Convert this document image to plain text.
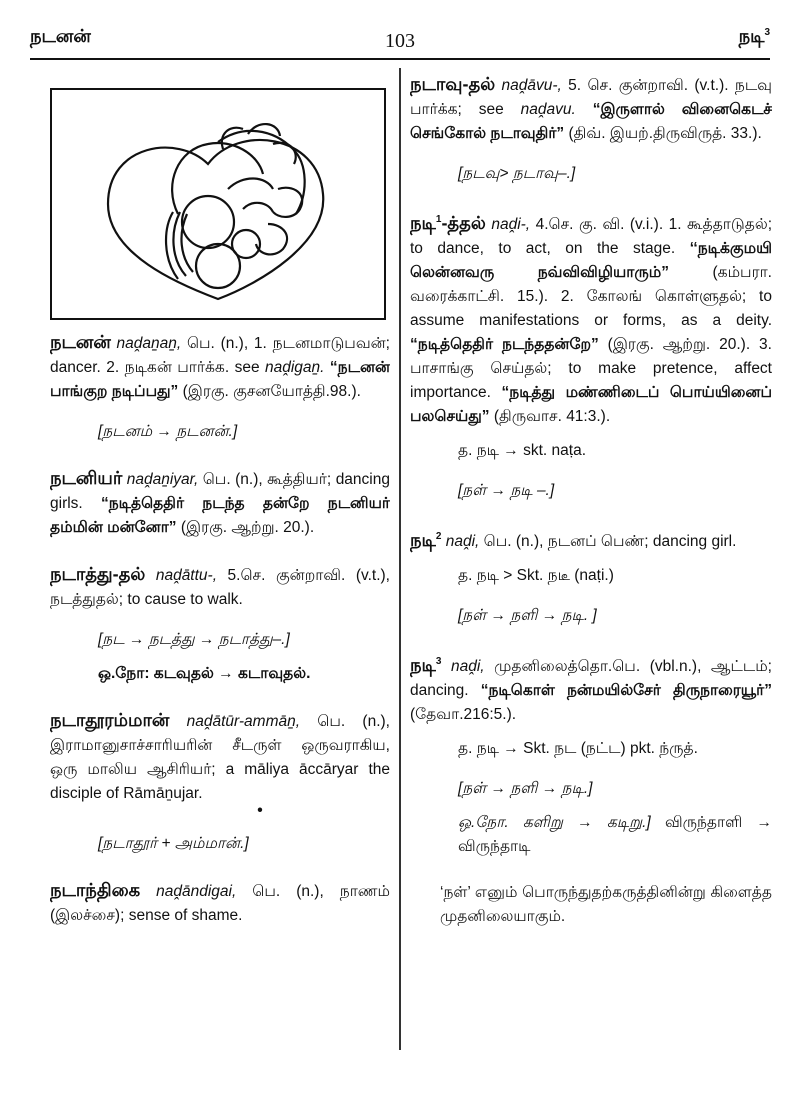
நடனன்	103	நடி$^3$
நடனன் naḓaṉaṉ, பெ. (n.), 1. நடனமாடுபவன்; dancer. 2. நடிகன் பார்க்க. see naḓigaṉ. “நடனன் பாங்குற நடிப்பது” (இரகு. குசனயோத்தி.98.).
[நடனம் → நடனன்.]
நடனியர் naḓaṉiyar, பெ. (n.), கூத்தியர்; dancing girls. “நடித்தெதிர் நடந்த தன்றே நடனியர் தம்மின் மன்னோ” (இரகு. ஆற்று. 20.).
நடாத்து-தல் naḓāttu-, 5.செ. குன்றாவி. (v.t.), நடத்துதல்; to cause to walk.
[நட → நடத்து → நடாத்து–.]
ஒ.நோ: கடவுதல் → கடாவுதல்.
நடாதூரம்மான் naḓātūr-ammāṉ, பெ. (n.), இராமானுசாச்சாரியரின் சீடருள் ஒருவராகிய, ஒரு மாலிய ஆசிரியர்; a māliya āccāryar the disciple of Rāmāṉujar.
•
[நடாதூர் + அம்மான்.]
நடாந்திகை naḓāndigai, பெ. (n.), நாணம் (இலச்சை); sense of shame.
நடாவு-தல் naḓāvu-, 5. செ. குன்றாவி. (v.t.). நடவு பார்க்க; see naḓavu. “இருளால் வினைகெடச் செங்கோல் நடாவுதிர்” (திவ். இயற்.திருவிருத். 33.).
[நடவு> நடாவு–.]
நடி$^1$-த்தல் naḓi-, 4.செ. கு. வி. (v.i.). 1. கூத்தாடுதல்; to dance, to act, on the stage. ‘‘நடிக்குமயி லென்னவரு நவ்விவிழியாரும்” (கம்பரா. வரைக்காட்சி. 15.). 2. கோலங் கொள்ளுதல்; to assume manifestations or forms, as a deity. “நடித்தெதிர் நடந்ததன்றே” (இரகு. ஆற்று. 20.). 3. பாசாங்கு செய்தல்; to make pretence, affect importance. “நடித்து மண்ணிடைப் பொய்யினைப் பலசெய்து” (திருவாச. 41:3.).
த. நடி → skt. naṭa.
[நள் → நடி –.]
நடி$^2$ naḓi, பெ. (n.), நடனப் பெண்; dancing girl.
த. நடி > Skt. நடீ (naṭi.)
[நள் → நளி → நடி. ]
நடி$^3$ naḓi, முதனிலைத்தொ.பெ. (vbl.n.), ஆட்டம்; dancing. “நடிகொள் நன்மயில்சேர் திருநாரையூர்” (தேவா.216:5.).
த. நடி → Skt. நட (நட்ட) pkt. ந்ருத்.
[நள் → நளி → நடி.]
ஒ.நோ. களிறு → கடிறு.] விருந்தாளி → விருந்தாடி
‘நள்’ எனும் பொருந்துதற்கருத்தினின்று கிளைத்த முதனிலையாகும்.
